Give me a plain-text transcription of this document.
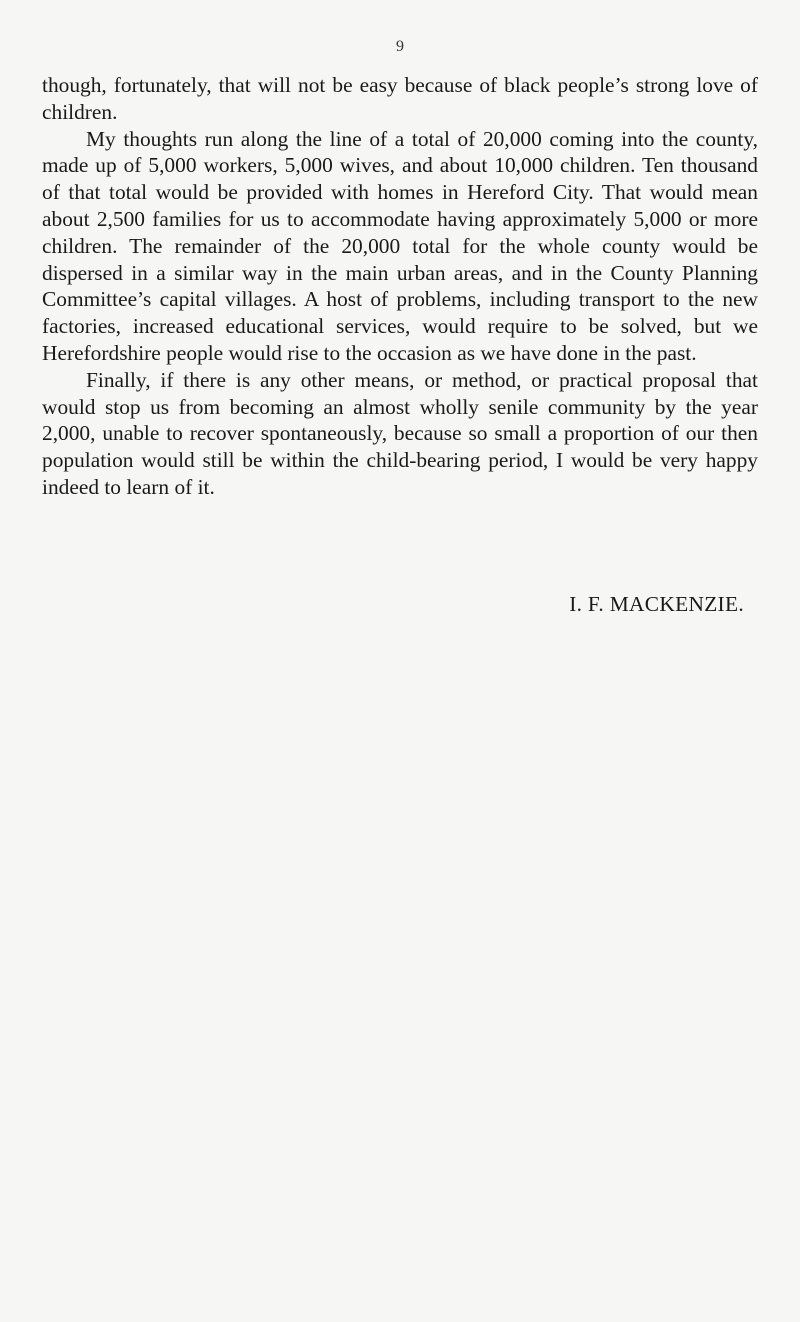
9

though, fortunately, that will not be easy because of black people’s strong love of children.

My thoughts run along the line of a total of 20,000 coming into the county, made up of 5,000 workers, 5,000 wives, and about 10,000 children. Ten thousand of that total would be provided with homes in Hereford City. That would mean about 2,500 families for us to accommodate having approximately 5,000 or more children. The remainder of the 20,000 total for the whole county would be dispersed in a similar way in the main urban areas, and in the County Planning Committee’s capital villages. A host of problems, including transport to the new factories, increased educational services, would require to be solved, but we Herefordshire people would rise to the occasion as we have done in the past.

Finally, if there is any other means, or method, or practical proposal that would stop us from becoming an almost wholly senile community by the year 2,000, unable to recover spontaneously, because so small a proportion of our then population would still be within the child-bearing period, I would be very happy indeed to learn of it.

I. F. MACKENZIE.
